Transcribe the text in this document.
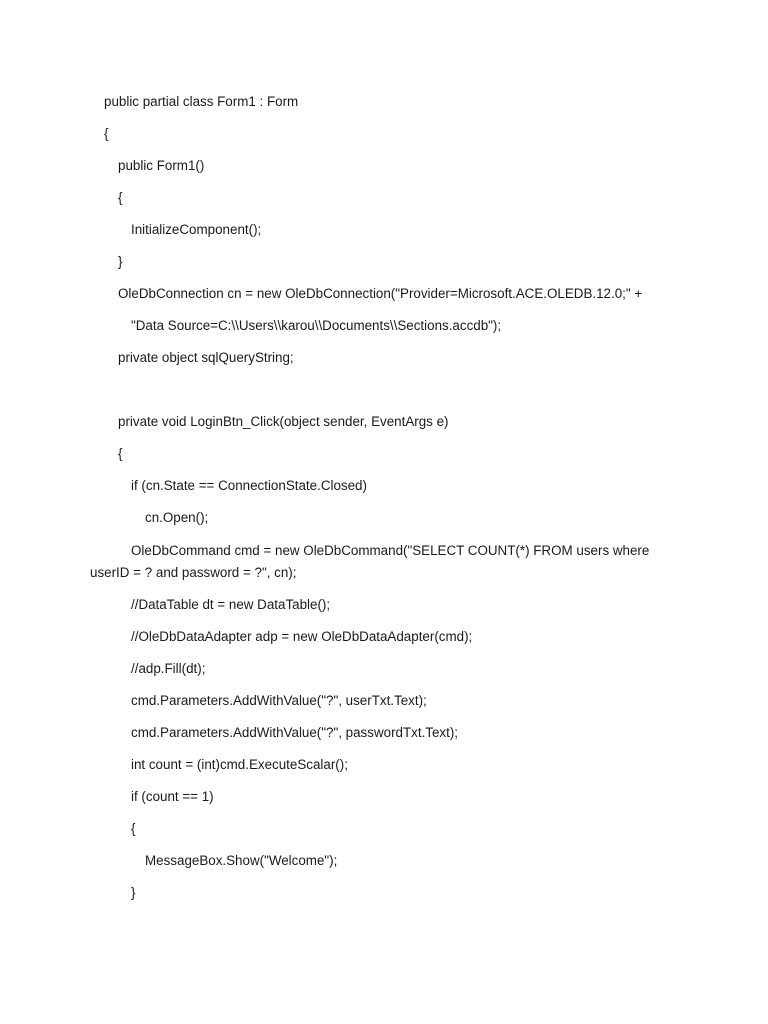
public partial class Form1 : Form
{
public Form1()
{
InitializeComponent();
}
OleDbConnection cn = new OleDbConnection("Provider=Microsoft.ACE.OLEDB.12.0;" +
"Data Source=C:\\Users\\karou\\Documents\\Sections.accdb");
private object sqlQueryString;
private void LoginBtn_Click(object sender, EventArgs e)
{
if (cn.State == ConnectionState.Closed)
cn.Open();
OleDbCommand cmd = new OleDbCommand("SELECT COUNT(*) FROM users where userID = ? and password = ?", cn);
//DataTable dt = new DataTable();
//OleDbDataAdapter adp = new OleDbDataAdapter(cmd);
//adp.Fill(dt);
cmd.Parameters.AddWithValue("?", userTxt.Text);
cmd.Parameters.AddWithValue("?", passwordTxt.Text);
int count = (int)cmd.ExecuteScalar();
if (count == 1)
{
MessageBox.Show("Welcome");
}
